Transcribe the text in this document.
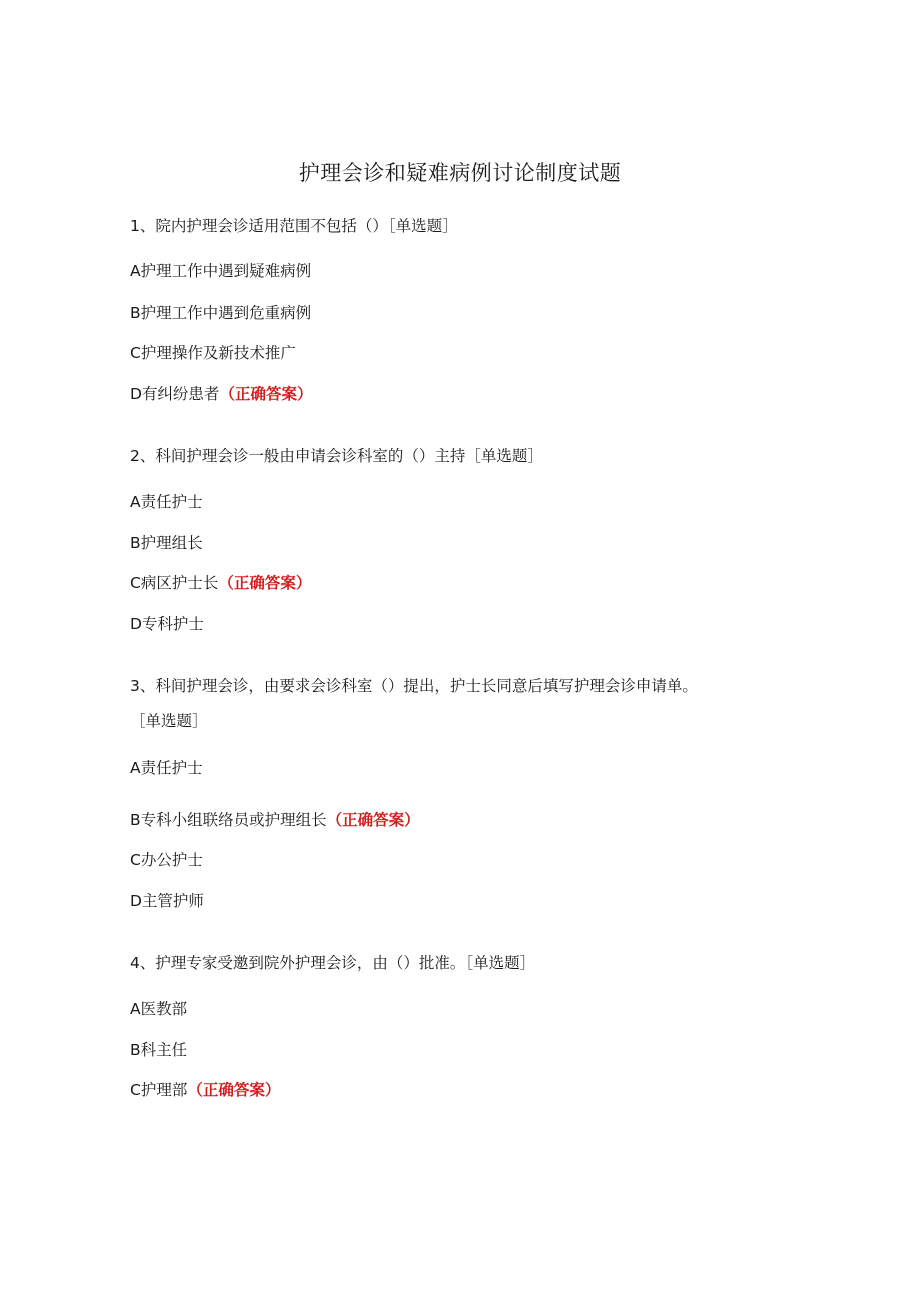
护理会诊和疑难病例讨论制度试题
1、院内护理会诊适用范围不包括（）［单选题］
A护理工作中遇到疑难病例
B护理工作中遇到危重病例
C护理操作及新技术推广
D有纠纷患者（正确答案）
2、科间护理会诊一般由申请会诊科室的（）主持［单选题］
A责任护士
B护理组长
C病区护士长（正确答案）
D专科护士
3、科间护理会诊，由要求会诊科室（）提出，护士长同意后填写护理会诊申请单。
［单选题］
A责任护士
B专科小组联络员或护理组长（正确答案）
C办公护士
D主管护师
4、护理专家受邀到院外护理会诊，由（）批准。［单选题］
A医教部
B科主任
C护理部（正确答案）
